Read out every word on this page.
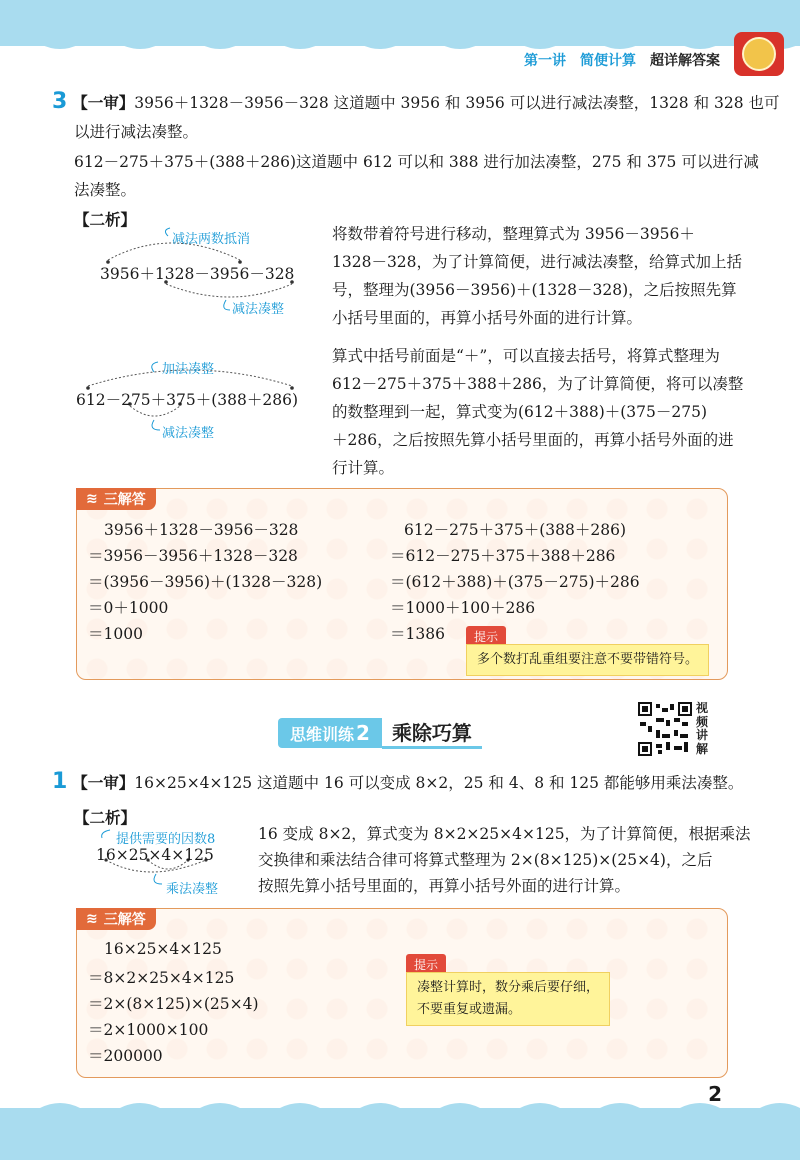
第一讲 简便计算 超详解答案
3 【一审】3956＋1328－3956－328 这道题中 3956 和 3956 可以进行减法凑整，1328 和 328 也可
以进行减法凑整。
612－275＋375＋(388＋286)这道题中 612 可以和 388 进行加法凑整，275 和 375 可以进行减
法凑整。
【二析】
减法两数抵消
3956＋1328－3956－328
减法凑整
将数带着符号进行移动，整理算式为 3956－3956＋
1328－328，为了计算简便，进行减法凑整，给算式加上括
号，整理为(3956－3956)＋(1328－328)，之后按照先算
小括号里面的，再算小括号外面的进行计算。
加法凑整
612－275＋375＋(388＋286)
减法凑整
算式中括号前面是“＋”，可以直接去括号，将算式整理为
612－275＋375＋388＋286，为了计算简便，将可以凑整
的数整理到一起，算式变为(612＋388)＋(375－275)
＋286，之后按照先算小括号里面的，再算小括号外面的进
行计算。
≋ 三解答
3956＋1328－3956－328
＝3956－3956＋1328－328
＝(3956－3956)＋(1328－328)
＝0＋1000
＝1000
612－275＋375＋(388＋286)
＝612－275＋375＋388＋286
＝(612＋388)＋(375－275)＋286
＝1000＋100＋286
＝1386	提示
多个数打乱重组要注意不要带错符号。
思维训练 2	乘除巧算
视频讲解
1 【一审】16×25×4×125 这道题中 16 可以变成 8×2，25 和 4、8 和 125 都能够用乘法凑整。
【二析】
提供需要的因数8
16×25×4×125
乘法凑整
16 变成 8×2，算式变为 8×2×25×4×125，为了计算简便，根据乘法
交换律和乘法结合律可将算式整理为 2×(8×125)×(25×4)，之后
按照先算小括号里面的，再算小括号外面的进行计算。
≋ 三解答
16×25×4×125
＝8×2×25×4×125
＝2×(8×125)×(25×4)
＝2×1000×100
＝200000
提示
凑整计算时，数分乘后要仔细，
不要重复或遗漏。
2
